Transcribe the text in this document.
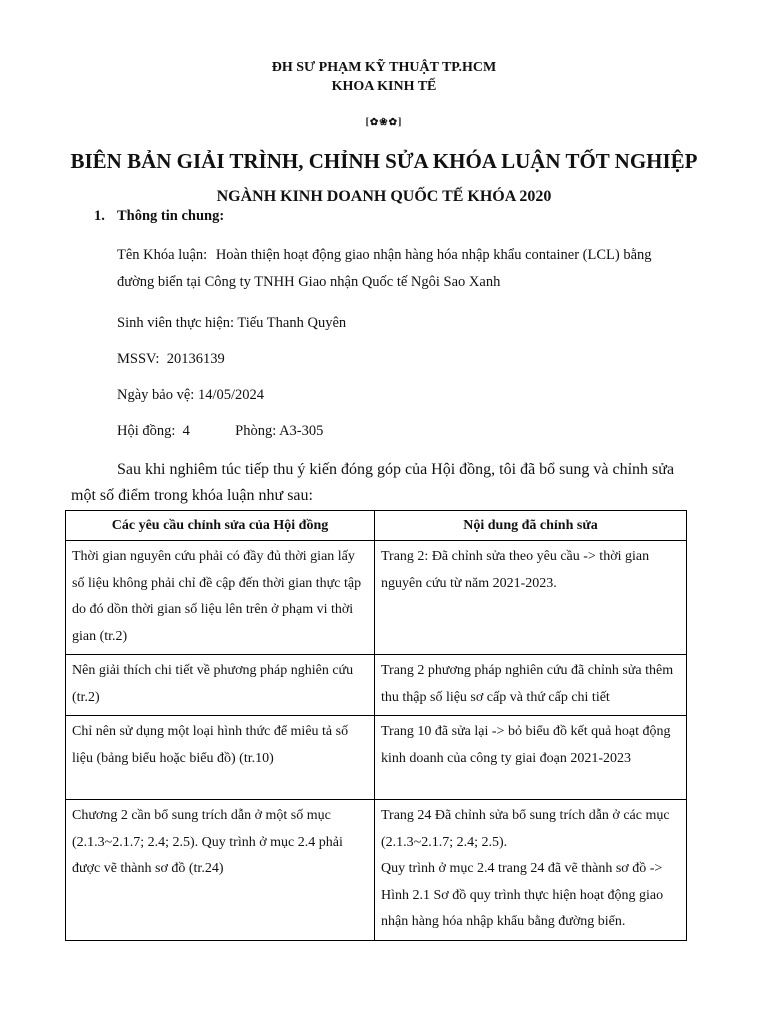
ĐH SƯ PHẠM KỸ THUẬT TP.HCM
KHOA KINH TẾ
[✿❀✿]
BIÊN BẢN GIẢI TRÌNH, CHỈNH SỬA KHÓA LUẬN TỐT NGHIỆP
NGÀNH KINH DOANH QUỐC TẾ KHÓA 2020
1. Thông tin chung:
Tên Khóa luận: Hoàn thiện hoạt động giao nhận hàng hóa nhập khẩu container (LCL) bằng đường biển tại Công ty TNHH Giao nhận Quốc tế Ngôi Sao Xanh
Sinh viên thực hiện: Tiếu Thanh Quyên
MSSV: 20136139
Ngày bảo vệ: 14/05/2024
Hội đồng: 4	Phòng: A3-305
Sau khi nghiêm túc tiếp thu ý kiến đóng góp của Hội đồng, tôi đã bổ sung và chỉnh sửa một số điểm trong khóa luận như sau:
Các yêu cầu chỉnh sửa của Hội đồng	Nội dung đã chỉnh sửa
Thời gian nguyên cứu phải có đầy đủ thời gian lấy số liệu không phải chỉ đề cập đến thời gian thực tập do đó dồn thời gian số liệu lên trên ở phạm vi thời gian (tr.2)	Trang 2: Đã chỉnh sửa theo yêu cầu -> thời gian nguyên cứu từ năm 2021-2023.

Nên giải thích chi tiết về phương pháp nghiên cứu (tr.2)	Trang 2 phương pháp nghiên cứu đã chỉnh sửa thêm thu thập số liệu sơ cấp và thứ cấp chi tiết

Chỉ nên sử dụng một loại hình thức để miêu tả số liệu (bảng biểu hoặc biểu đồ) (tr.10)	Trang 10 đã sửa lại -> bỏ biểu đồ kết quả hoạt động kinh doanh của công ty giai đoạn 2021-2023

Chương 2 cần bổ sung trích dẫn ở một số mục (2.1.3~2.1.7; 2.4; 2.5). Quy trình ở mục 2.4 phải được vẽ thành sơ đồ (tr.24)	Trang 24 Đã chỉnh sửa bổ sung trích dẫn ở các mục (2.1.3~2.1.7; 2.4; 2.5).
Quy trình ở mục 2.4 trang 24 đã vẽ thành sơ đồ -> Hình 2.1 Sơ đồ quy trình thực hiện hoạt động giao nhận hàng hóa nhập khẩu bằng đường biển.
